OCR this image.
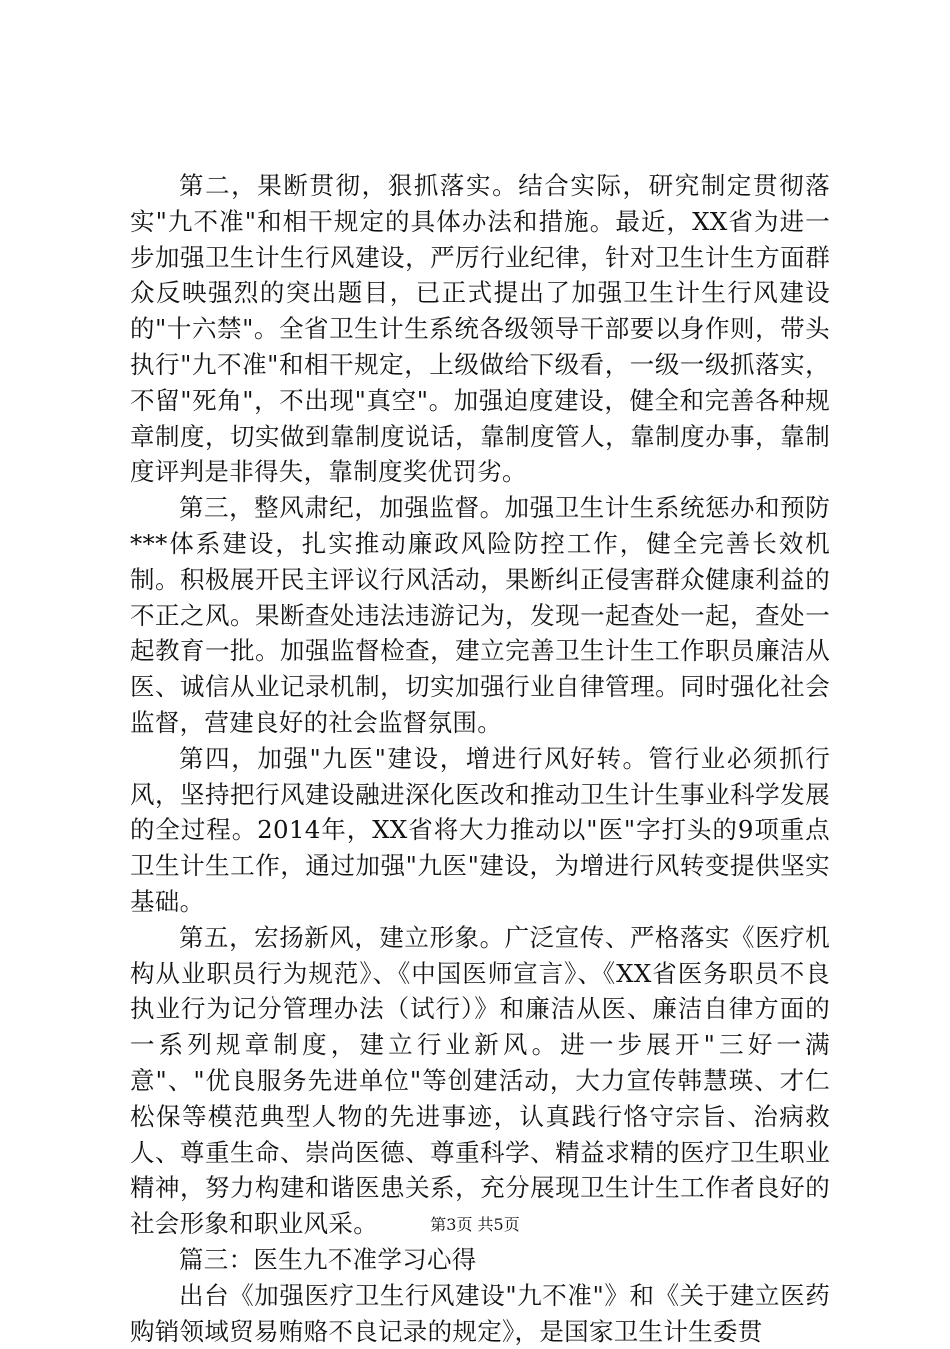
第二，果断贯彻，狠抓落实。结合实际，研究制定贯彻落实"九不准"和相干规定的具体办法和措施。最近，XX省为进一步加强卫生计生行风建设，严厉行业纪律，针对卫生计生方面群众反映强烈的突出题目，已正式提出了加强卫生计生行风建设的"十六禁"。全省卫生计生系统各级领导干部要以身作则，带头执行"九不准"和相干规定，上级做给下级看，一级一级抓落实，不留"死角"，不出现"真空"。加强迫度建设，健全和完善各种规章制度，切实做到靠制度说话，靠制度管人，靠制度办事，靠制度评判是非得失，靠制度奖优罚劣。

第三，整风肃纪，加强监督。加强卫生计生系统惩办和预防***体系建设，扎实推动廉政风险防控工作，健全完善长效机制。积极展开民主评议行风活动，果断纠正侵害群众健康利益的不正之风。果断查处违法违游记为，发现一起查处一起，查处一起教育一批。加强监督检查，建立完善卫生计生工作职员廉洁从医、诚信从业记录机制，切实加强行业自律管理。同时强化社会监督，营建良好的社会监督氛围。

第四，加强"九医"建设，增进行风好转。管行业必须抓行风，坚持把行风建设融进深化医改和推动卫生计生事业科学发展的全过程。2014年，XX省将大力推动以"医"字打头的9项重点卫生计生工作，通过加强"九医"建设，为增进行风转变提供坚实基础。

第五，宏扬新风，建立形象。广泛宣传、严格落实《医疗机构从业职员行为规范》、《中国医师宣言》、《XX省医务职员不良执业行为记分管理办法（试行）》和廉洁从医、廉洁自律方面的一系列规章制度，建立行业新风。进一步展开"三好一满意"、"优良服务先进单位"等创建活动，大力宣传韩慧瑛、才仁松保等模范典型人物的先进事迹，认真践行恪守宗旨、治病救人、尊重生命、崇尚医德、尊重科学、精益求精的医疗卫生职业精神，努力构建和谐医患关系，充分展现卫生计生工作者良好的社会形象和职业风采。

篇三：医生九不准学习心得

出台《加强医疗卫生行风建设"九不准"》和《关于建立医药购销领域贸易贿赂不良记录的规定》，是国家卫生计生委贯

第3页 共5页
